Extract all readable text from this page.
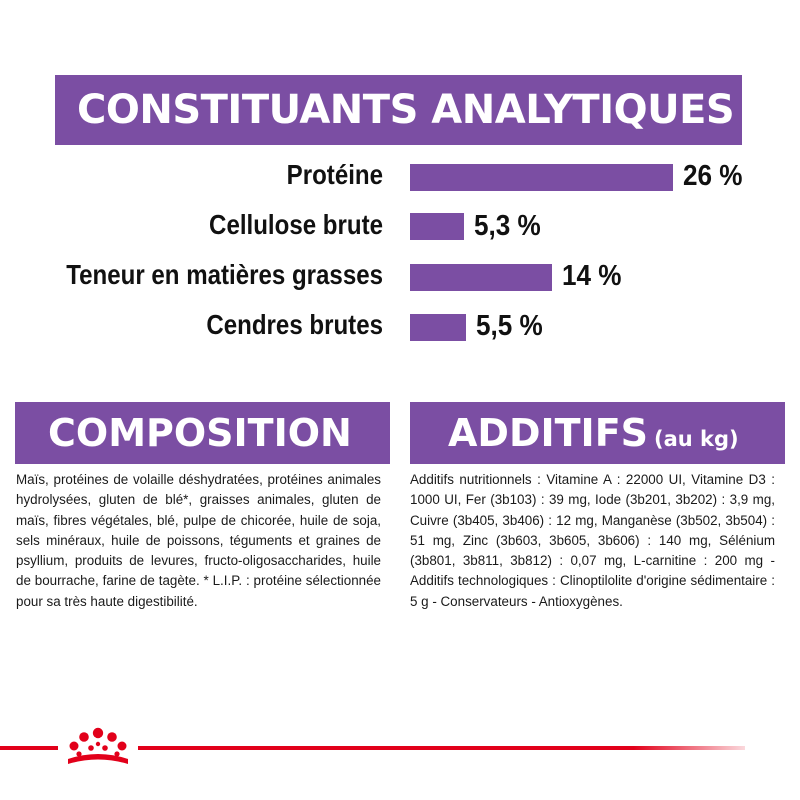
CONSTITUANTS ANALYTIQUES
Protéine	26 %
Cellulose brute	5,3 %
Teneur en matières grasses	14 %
Cendres brutes	5,5 %
COMPOSITION	ADDITIFS (au kg)
Maïs, protéines de volaille déshydratées, protéines animales hydrolysées, gluten de blé*, graisses animales, gluten de maïs, fibres végétales, blé, pulpe de chicorée, huile de soja, sels minéraux, huile de poissons, téguments et graines de psyllium, produits de levures, fructo-oligosaccharides, huile de bourrache, farine de tagète. * L.I.P. : protéine sélectionnée pour sa très haute digestibilité.
Additifs nutritionnels : Vitamine A : 22000 UI, Vitamine D3 : 1000 UI, Fer (3b103) : 39 mg, Iode (3b201, 3b202) : 3,9 mg, Cuivre (3b405, 3b406) : 12 mg, Manganèse (3b502, 3b504) : 51 mg, Zinc (3b603, 3b605, 3b606) : 140 mg, Sélénium (3b801, 3b811, 3b812) : 0,07 mg, L-carnitine : 200 mg - Additifs technologiques : Clinoptilolite d'origine sédimentaire : 5 g - Conservateurs - Antioxygènes.
